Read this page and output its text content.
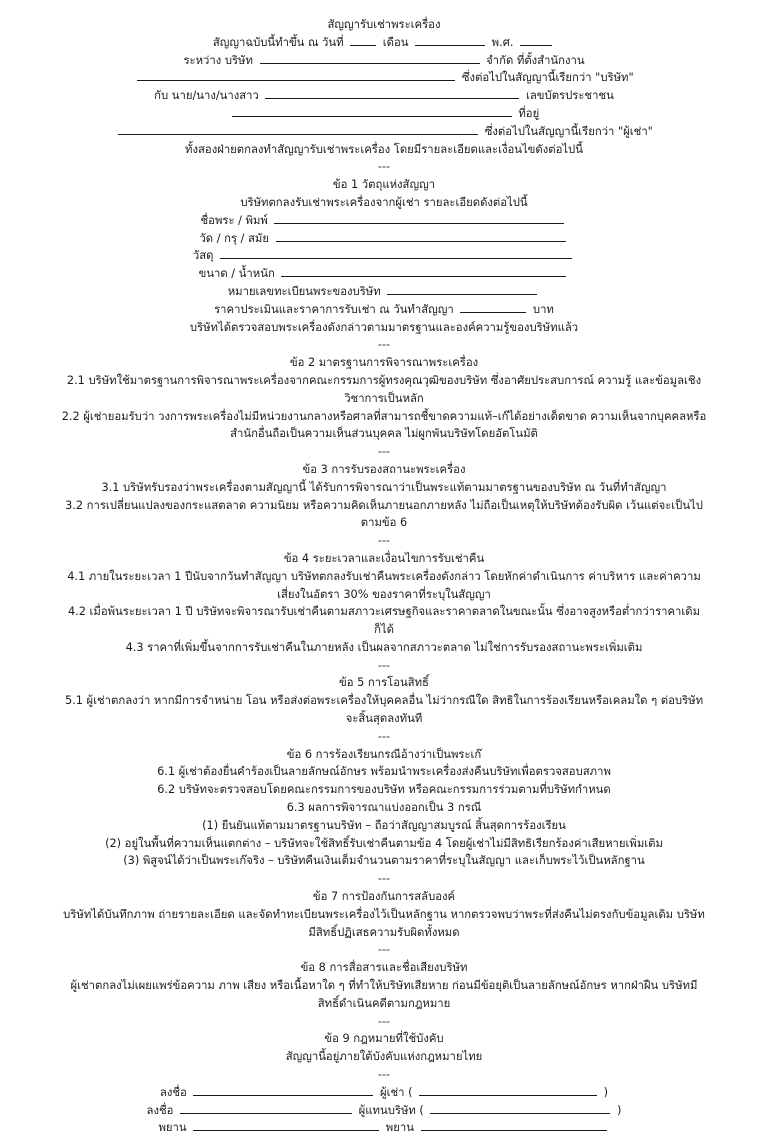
สัญญารับเช่าพระเครื่อง
สัญญาฉบับนี้ทำขึ้น ณ วันที่	เดือน	พ.ศ.
ระหว่าง บริษัท	จำกัด ที่ตั้งสำนักงาน
ซึ่งต่อไปในสัญญานี้เรียกว่า "บริษัท"
กับ นาย/นาง/นางสาว	เลขบัตรประชาชน
ที่อยู่
ซึ่งต่อไปในสัญญานี้เรียกว่า "ผู้เช่า"
ทั้งสองฝ่ายตกลงทำสัญญารับเช่าพระเครื่อง โดยมีรายละเอียดและเงื่อนไขดังต่อไปนี้
---
ข้อ 1 วัตถุแห่งสัญญา
บริษัทตกลงรับเช่าพระเครื่องจากผู้เช่า รายละเอียดดังต่อไปนี้
ชื่อพระ / พิมพ์
วัด / กรุ / สมัย
วัสดุ
ขนาด / น้ำหนัก
หมายเลขทะเบียนพระของบริษัท
ราคาประเมินและราคาการรับเช่า ณ วันทำสัญญา	บาท
บริษัทได้ตรวจสอบพระเครื่องดังกล่าวตามมาตรฐานและองค์ความรู้ของบริษัทแล้ว
---
ข้อ 2 มาตรฐานการพิจารณาพระเครื่อง
2.1 บริษัทใช้มาตรฐานการพิจารณาพระเครื่องจากคณะกรรมการผู้ทรงคุณวุฒิของบริษัท ซึ่งอาศัยประสบการณ์ ความรู้ และข้อมูลเชิงวิชาการเป็นหลัก
2.2 ผู้เช่ายอมรับว่า วงการพระเครื่องไม่มีหน่วยงานกลางหรือศาลที่สามารถชี้ขาดความแท้–เก๊ได้อย่างเด็ดขาด ความเห็นจากบุคคลหรือสำนักอื่นถือเป็นความเห็นส่วนบุคคล ไม่ผูกพันบริษัทโดยอัตโนมัติ
---
ข้อ 3 การรับรองสถานะพระเครื่อง
3.1 บริษัทรับรองว่าพระเครื่องตามสัญญานี้ ได้รับการพิจารณาว่าเป็นพระแท้ตามมาตรฐานของบริษัท ณ วันที่ทำสัญญา
3.2 การเปลี่ยนแปลงของกระแสตลาด ความนิยม หรือความคิดเห็นภายนอกภายหลัง ไม่ถือเป็นเหตุให้บริษัทต้องรับผิด เว้นแต่จะเป็นไปตามข้อ 6
---
ข้อ 4 ระยะเวลาและเงื่อนไขการรับเช่าคืน
4.1 ภายในระยะเวลา 1 ปีนับจากวันทำสัญญา บริษัทตกลงรับเช่าคืนพระเครื่องดังกล่าว โดยหักค่าดำเนินการ ค่าบริหาร และค่าความเสี่ยงในอัตรา 30% ของราคาที่ระบุในสัญญา
4.2 เมื่อพ้นระยะเวลา 1 ปี บริษัทจะพิจารณารับเช่าคืนตามสภาวะเศรษฐกิจและราคาตลาดในขณะนั้น ซึ่งอาจสูงหรือต่ำกว่าราคาเดิมก็ได้
4.3 ราคาที่เพิ่มขึ้นจากการรับเช่าคืนในภายหลัง เป็นผลจากสภาวะตลาด ไม่ใช่การรับรองสถานะพระเพิ่มเติม
---
ข้อ 5 การโอนสิทธิ์
5.1 ผู้เช่าตกลงว่า หากมีการจำหน่าย โอน หรือส่งต่อพระเครื่องให้บุคคลอื่น ไม่ว่ากรณีใด สิทธิในการร้องเรียนหรือเคลมใด ๆ ต่อบริษัทจะสิ้นสุดลงทันที
---
ข้อ 6 การร้องเรียนกรณีอ้างว่าเป็นพระเก๊
6.1 ผู้เช่าต้องยื่นคำร้องเป็นลายลักษณ์อักษร พร้อมนำพระเครื่องส่งคืนบริษัทเพื่อตรวจสอบสภาพ
6.2 บริษัทจะตรวจสอบโดยคณะกรรมการของบริษัท หรือคณะกรรมการร่วมตามที่บริษัทกำหนด
6.3 ผลการพิจารณาแบ่งออกเป็น 3 กรณี
(1) ยืนยันแท้ตามมาตรฐานบริษัท – ถือว่าสัญญาสมบูรณ์ สิ้นสุดการร้องเรียน
(2) อยู่ในพื้นที่ความเห็นแตกต่าง – บริษัทจะใช้สิทธิ์รับเช่าคืนตามข้อ 4 โดยผู้เช่าไม่มีสิทธิเรียกร้องค่าเสียหายเพิ่มเติม
(3) พิสูจน์ได้ว่าเป็นพระเก๊จริง – บริษัทคืนเงินเต็มจำนวนตามราคาที่ระบุในสัญญา และเก็บพระไว้เป็นหลักฐาน
---
ข้อ 7 การป้องกันการสลับองค์
บริษัทได้บันทึกภาพ ถ่ายรายละเอียด และจัดทำทะเบียนพระเครื่องไว้เป็นหลักฐาน หากตรวจพบว่าพระที่ส่งคืนไม่ตรงกับข้อมูลเดิม บริษัทมีสิทธิ์ปฏิเสธความรับผิดทั้งหมด
---
ข้อ 8 การสื่อสารและชื่อเสียงบริษัท
ผู้เช่าตกลงไม่เผยแพร่ข้อความ ภาพ เสียง หรือเนื้อหาใด ๆ ที่ทำให้บริษัทเสียหาย ก่อนมีข้อยุติเป็นลายลักษณ์อักษร หากฝ่าฝืน บริษัทมีสิทธิ์ดำเนินคดีตามกฎหมาย
---
ข้อ 9 กฎหมายที่ใช้บังคับ
สัญญานี้อยู่ภายใต้บังคับแห่งกฎหมายไทย
---
ลงชื่อ	ผู้เช่า (	)
ลงชื่อ	ผู้แทนบริษัท (	)
พยาน	พยาน
